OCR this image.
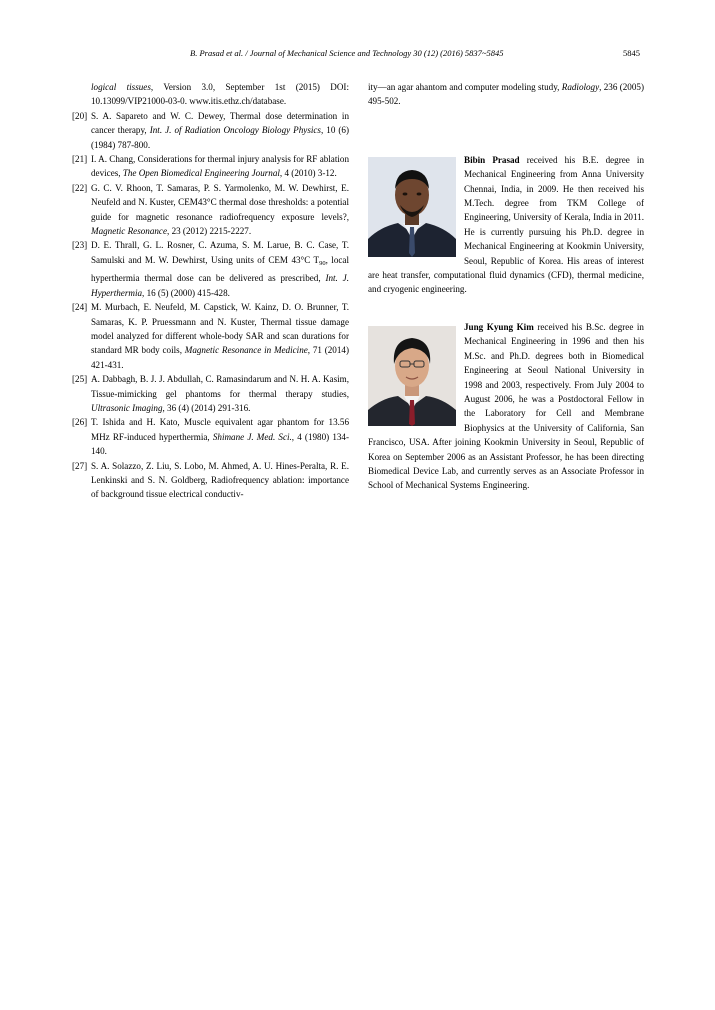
B. Prasad et al. / Journal of Mechanical Science and Technology 30 (12) (2016) 5837~5845	5845

logical tissues, Version 3.0, September 1st (2015) DOI: 10.13099/VIP21000-03-0. www.itis.ethz.ch/database.

[20] S. A. Sapareto and W. C. Dewey, Thermal dose determination in cancer therapy, Int. J. of Radiation Oncology Biology Physics, 10 (6) (1984) 787-800.

[21] I. A. Chang, Considerations for thermal injury analysis for RF ablation devices, The Open Biomedical Engineering Journal, 4 (2010) 3-12.

[22] G. C. V. Rhoon, T. Samaras, P. S. Yarmolenko, M. W. Dewhirst, E. Neufeld and N. Kuster, CEM43°C thermal dose thresholds: a potential guide for magnetic resonance radiofrequency exposure levels?, Magnetic Resonance, 23 (2012) 2215-2227.

[23] D. E. Thrall, G. L. Rosner, C. Azuma, S. M. Larue, B. C. Case, T. Samulski and M. W. Dewhirst, Using units of CEM 43°C $T_{90}$, local hyperthermia thermal dose can be delivered as prescribed, Int. J. Hyperthermia, 16 (5) (2000) 415-428.

[24] M. Murbach, E. Neufeld, M. Capstick, W. Kainz, D. O. Brunner, T. Samaras, K. P. Pruessmann and N. Kuster, Thermal tissue damage model analyzed for different whole-body SAR and scan durations for standard MR body coils, Magnetic Resonance in Medicine, 71 (2014) 421-431.

[25] A. Dabbagh, B. J. J. Abdullah, C. Ramasindarum and N. H. A. Kasim, Tissue-mimicking gel phantoms for thermal therapy studies, Ultrasonic Imaging, 36 (4) (2014) 291-316.

[26] T. Ishida and H. Kato, Muscle equivalent agar phantom for 13.56 MHz RF-induced hyperthermia, Shimane J. Med. Sci., 4 (1980) 134-140.

[27] S. A. Solazzo, Z. Liu, S. Lobo, M. Ahmed, A. U. Hines-Peralta, R. E. Lenkinski and S. N. Goldberg, Radiofrequency ablation: importance of background tissue electrical conductiv-

ity—an agar ahantom and computer modeling study, Radiology, 236 (2005) 495-502.

Bibin Prasad received his B.E. degree in Mechanical Engineering from Anna University Chennai, India, in 2009. He then received his M.Tech. degree from TKM College of Engineering, University of Kerala, India in 2011. He is currently pursuing his Ph.D. degree in Mechanical Engineering at Kookmin University, Seoul, Republic of Korea. His areas of interest are heat transfer, computational fluid dynamics (CFD), thermal medicine, and cryogenic engineering.

Jung Kyung Kim received his B.Sc. degree in Mechanical Engineering in 1996 and then his M.Sc. and Ph.D. degrees both in Biomedical Engineering at Seoul National University in 1998 and 2003, respectively. From July 2004 to August 2006, he was a Postdoctoral Fellow in the Laboratory for Cell and Membrane Biophysics at the University of California, San Francisco, USA. After joining Kookmin University in Seoul, Republic of Korea on September 2006 as an Assistant Professor, he has been directing Biomedical Device Lab, and currently serves as an Associate Professor in School of Mechanical Systems Engineering.
